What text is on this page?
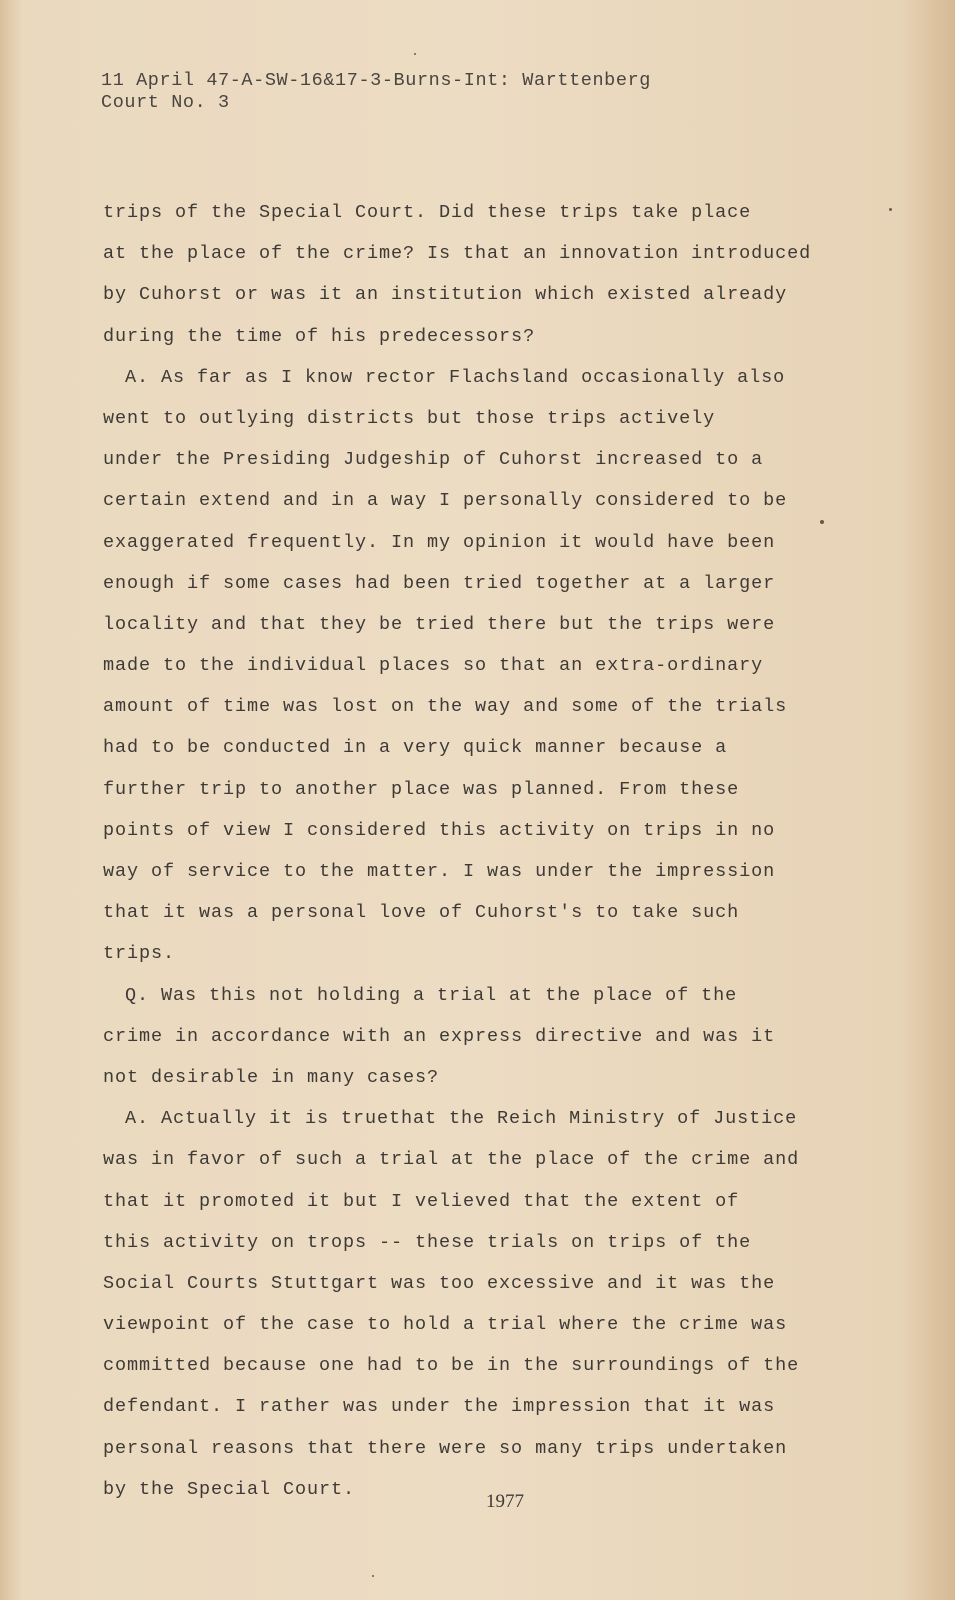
11 April 47-A-SW-16&17-3-Burns-Int: Warttenberg
Court No. 3
trips of the Special Court. Did these trips take place
at the place of the crime? Is that an innovation introduced
by Cuhorst or was it an institution which existed already
during the time of his predecessors?
A. As far as I know rector Flachsland occasionally also
went to outlying districts but those trips actively
under the Presiding Judgeship of Cuhorst increased to a
certain extend and in a way I personally considered to be
exaggerated frequently. In my opinion it would have been
enough if some cases had been tried together at a larger
locality and that they be tried there but the trips were
made to the individual places so that an extra-ordinary
amount of time was lost on the way and some of the trials
had to be conducted in a very quick manner because a
further trip to another place was planned. From these
points of view I considered this activity on trips in no
way of service to the matter. I was under the impression
that it was a personal love of Cuhorst's to take such
trips.
Q. Was this not holding a trial at the place of the
crime in accordance with an express directive and was it
not desirable in many cases?
A. Actually it is truethat the Reich Ministry of Justice
was in favor of such a trial at the place of the crime and
that it promoted it but I velieved that the extent of
this activity on trops -- these trials on trips of the
Social Courts Stuttgart was too excessive and it was the
viewpoint of the case to hold a trial where the crime was
committed because one had to be in the surroundings of the
defendant. I rather was under the impression that it was
personal reasons that there were so many trips undertaken
by the Special Court.
1977
